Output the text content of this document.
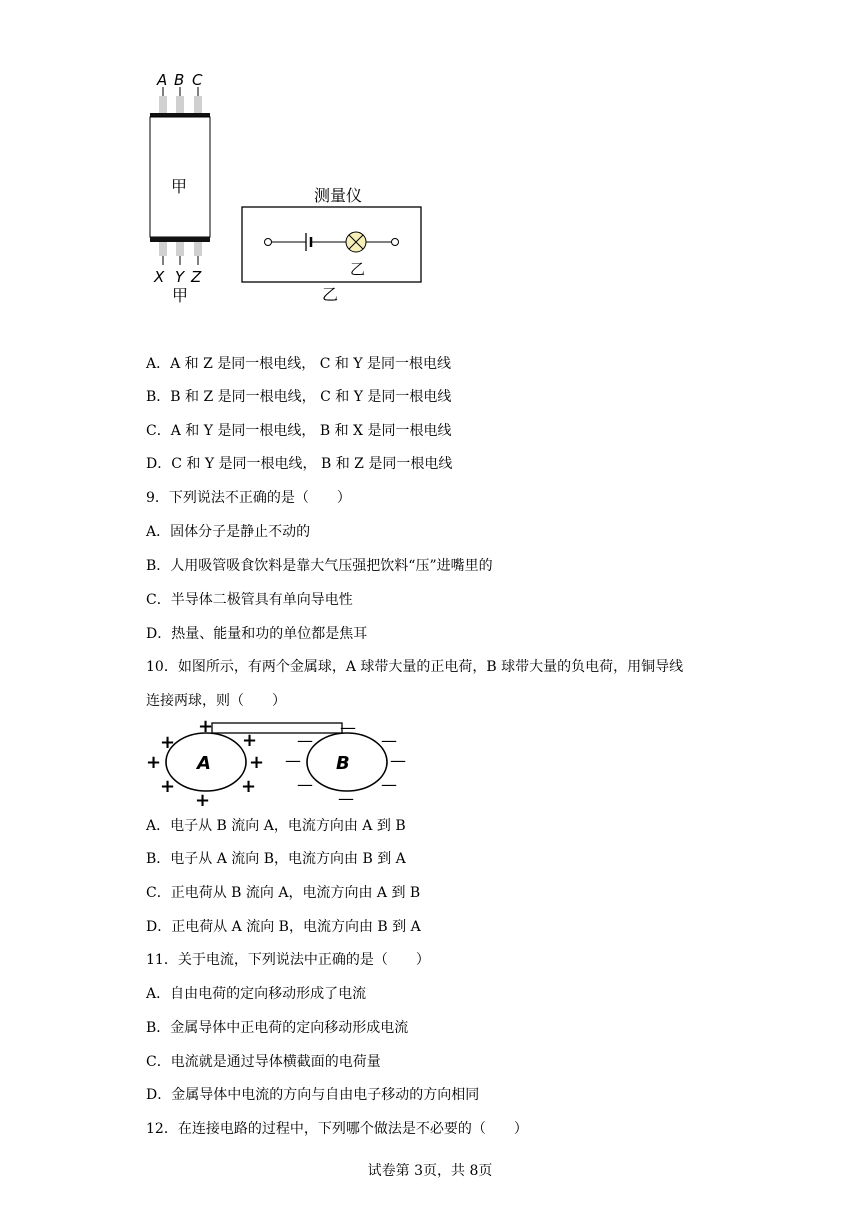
A B C
甲
X Y Z
甲
测量仪
乙
乙
A．A 和 Z 是同一根电线， C 和 Y 是同一根电线
B．B 和 Z 是同一根电线， C 和 Y 是同一根电线
C．A 和 Y 是同一根电线， B 和 X 是同一根电线
D．C 和 Y 是同一根电线， B 和 Z 是同一根电线
9．下列说法不正确的是（　　）
A．固体分子是静止不动的
B．人用吸管吸食饮料是靠大气压强把饮料“压”进嘴里的
C．半导体二极管具有单向导电性
D．热量、能量和功的单位都是焦耳
10．如图所示，有两个金属球，A 球带大量的正电荷，B 球带大量的负电荷，用铜导线
连接两球，则（　　）
A	B
+
+	+
+	+
+	+
+
—
—	—
—	—
—	—
—
A．电子从 B 流向 A，电流方向由 A 到 B
B．电子从 A 流向 B，电流方向由 B 到 A
C．正电荷从 B 流向 A，电流方向由 A 到 B
D．正电荷从 A 流向 B，电流方向由 B 到 A
11．关于电流，下列说法中正确的是（　　）
A．自由电荷的定向移动形成了电流
B．金属导体中正电荷的定向移动形成电流
C．电流就是通过导体横截面的电荷量
D．金属导体中电流的方向与自由电子移动的方向相同
12．在连接电路的过程中，下列哪个做法是不必要的（　　）
试卷第 3页，共 8页
